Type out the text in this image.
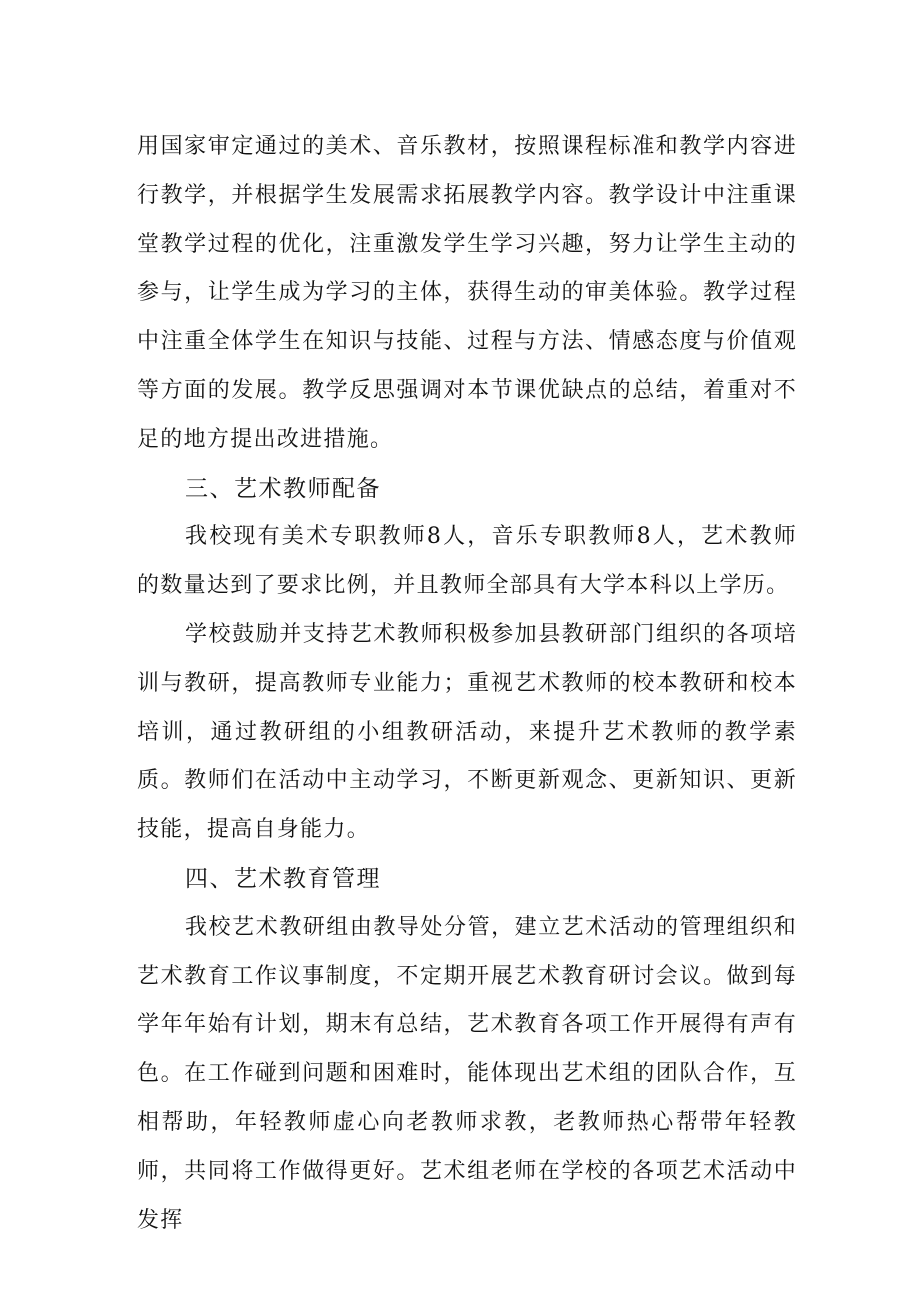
用国家审定通过的美术、音乐教材，按照课程标准和教学内容进行教学，并根据学生发展需求拓展教学内容。教学设计中注重课堂教学过程的优化，注重激发学生学习兴趣，努力让学生主动的参与，让学生成为学习的主体，获得生动的审美体验。教学过程中注重全体学生在知识与技能、过程与方法、情感态度与价值观等方面的发展。教学反思强调对本节课优缺点的总结，着重对不足的地方提出改进措施。

三、艺术教师配备

我校现有美术专职教师8人，音乐专职教师8人，艺术教师的数量达到了要求比例，并且教师全部具有大学本科以上学历。

学校鼓励并支持艺术教师积极参加县教研部门组织的各项培训与教研，提高教师专业能力；重视艺术教师的校本教研和校本培训，通过教研组的小组教研活动，来提升艺术教师的教学素质。教师们在活动中主动学习，不断更新观念、更新知识、更新技能，提高自身能力。

四、艺术教育管理

我校艺术教研组由教导处分管，建立艺术活动的管理组织和艺术教育工作议事制度，不定期开展艺术教育研讨会议。做到每学年年始有计划，期末有总结，艺术教育各项工作开展得有声有色。在工作碰到问题和困难时，能体现出艺术组的团队合作，互相帮助，年轻教师虚心向老教师求教，老教师热心帮带年轻教师，共同将工作做得更好。艺术组老师在学校的各项艺术活动中发挥
